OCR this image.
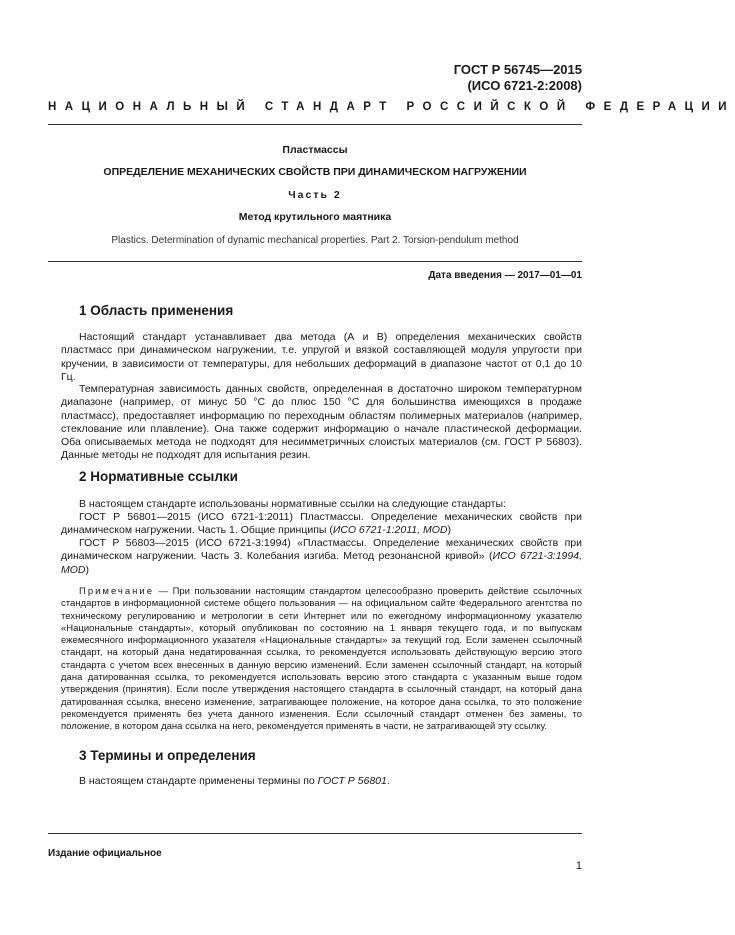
ГОСТ Р 56745—2015
(ИСО 6721-2:2008)
НАЦИОНАЛЬНЫЙ СТАНДАРТ РОССИЙСКОЙ ФЕДЕРАЦИИ
Пластмассы
ОПРЕДЕЛЕНИЕ МЕХАНИЧЕСКИХ СВОЙСТВ ПРИ ДИНАМИЧЕСКОМ НАГРУЖЕНИИ
Часть 2
Метод крутильного маятника
Plastics. Determination of dynamic mechanical properties. Part 2. Torsion-pendulum method
Дата введения — 2017—01—01
1 Область применения

Настоящий стандарт устанавливает два метода (А и В) определения механических свойств пластмасс при динамическом нагружении, т.е. упругой и вязкой составляющей модуля упругости при кручении, в зависимости от температуры, для небольших деформаций в диапазоне частот от 0,1 до 10 Гц.

Температурная зависимость данных свойств, определенная в достаточно широком температурном диапазоне (например, от минус 50 °С до плюс 150 °С для большинства имеющихся в продаже пластмасс), предоставляет информацию по переходным областям полимерных материалов (например, стеклование или плавление). Она также содержит информацию о начале пластической деформации. Оба описываемых метода не подходят для несимметричных слоистых материалов (см. ГОСТ Р 56803). Данные методы не подходят для испытания резин.

2 Нормативные ссылки

В настоящем стандарте использованы нормативные ссылки на следующие стандарты:

ГОСТ Р 56801—2015 (ИСО 6721-1:2011) Пластмассы. Определение механических свойств при динамическом нагружении. Часть 1. Общие принципы (ИСО 6721-1:2011, MOD)

ГОСТ Р 56803—2015 (ИСО 6721-3:1994) «Пластмассы. Определение механических свойств при динамическом нагружении. Часть 3. Колебания изгиба. Метод резонансной кривой» (ИСО 6721-3:1994, MOD)

Примечание — При пользовании настоящим стандартом целесообразно проверить действие ссылочных стандартов в информационной системе общего пользования — на официальном сайте Федерального агентства по техническому регулированию и метрологии в сети Интернет или по ежегодному информационному указателю «Национальные стандарты», который опубликован по состоянию на 1 января текущего года, и по выпускам ежемесячного информационного указателя «Национальные стандарты» за текущий год. Если заменен ссылочный стандарт, на который дана недатированная ссылка, то рекомендуется использовать действующую версию этого стандарта с учетом всех внесенных в данную версию изменений. Если заменен ссылочный стандарт, на который дана датированная ссылка, то рекомендуется использовать версию этого стандарта с указанным выше годом утверждения (принятия). Если после утверждения настоящего стандарта в ссылочный стандарт, на который дана датированная ссылка, внесено изменение, затрагивающее положение, на которое дана ссылка, то это положение рекомендуется применять без учета данного изменения. Если ссылочный стандарт отменен без замены, то положение, в котором дана ссылка на него, рекомендуется применять в части, не затрагивающей эту ссылку.

3 Термины и определения

В настоящем стандарте применены термины по ГОСТ Р 56801.

Издание официальное
1
